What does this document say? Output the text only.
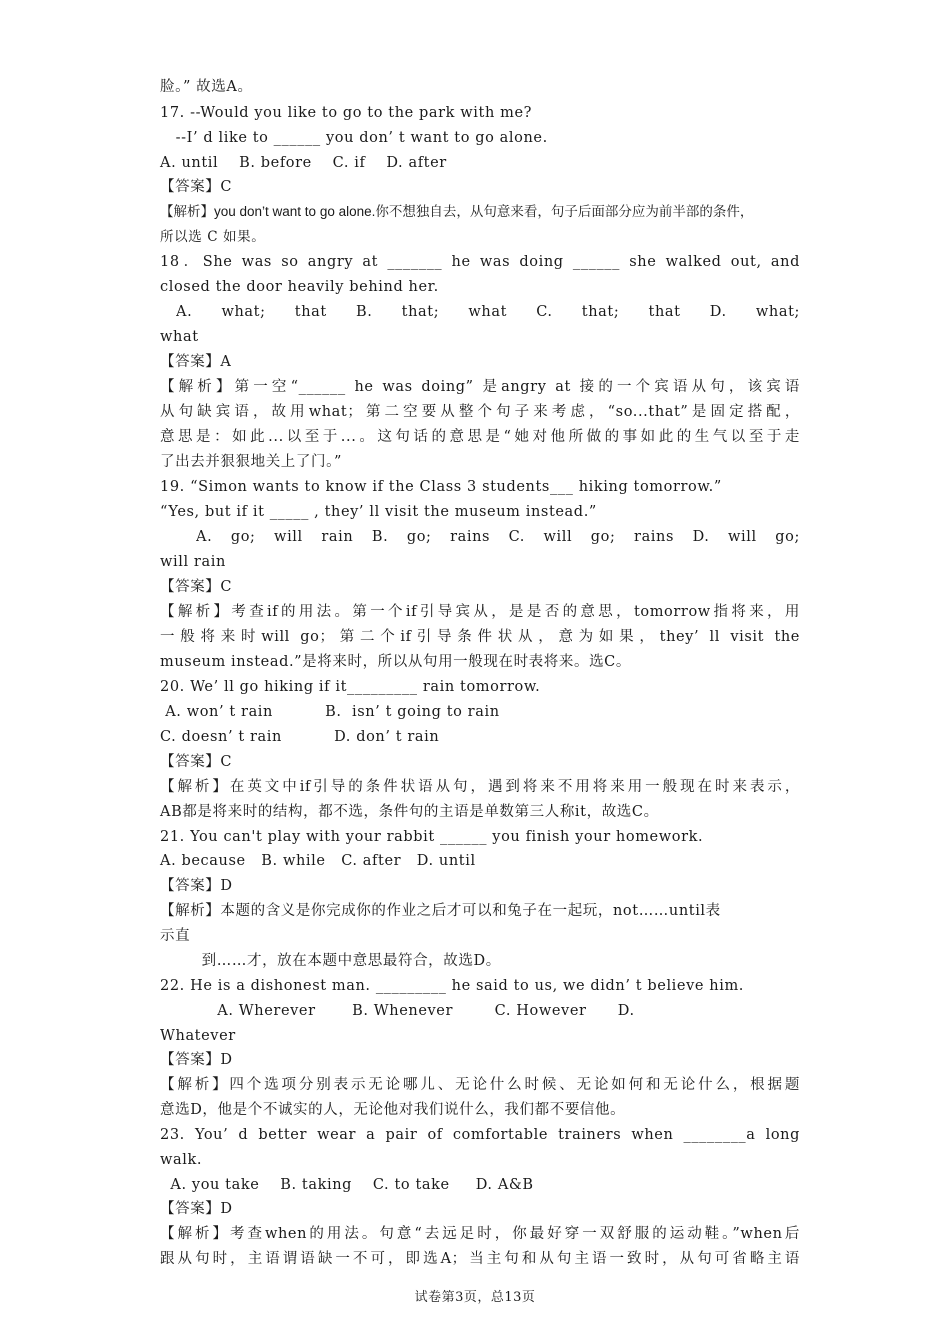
脸。” 故选A。
17. --Would you like to go to the park with me?
--I’ d like to ______ you don’ t want to go alone.
A. until    B. before    C. if    D. after
【答案】C
【解析】you don’t want to go alone.你不想独自去，从句意来看，句子后面部分应为前半部的条件，
所以选 C 如果。
18．She was so angry at _______ he was doing ______ she walked out, and
closed the door heavily behind her.
A. what; that B. that; what C. that; that D. what;
what
【答案】A
【解析】第一空“______ he was doing” 是angry at 接的一个宾语从句，该宾语
从句缺宾语，故用what；第二空要从整个句子来考虑，“so...that”是固定搭配，
意思是：如此...以至于...。这句话的意思是“她对他所做的事如此的生气以至于走
了出去并狠狠地关上了门。”
19. “Simon wants to know if the Class 3 students___ hiking tomorrow.”
“Yes, but if it _____ , they’ ll visit the museum instead.”
A. go; will rain B. go; rains C. will go; rains D. will go;
will rain
【答案】C
【解析】考查if的用法。第一个if引导宾从，是是否的意思，tomorrow指将来，用
一般将来时will go；第二个if引导条件状从，意为如果，they’ ll visit the
museum instead.”是将来时，所以从句用一般现在时表将来。选C。
20. We’ ll go hiking if it_________ rain tomorrow.
A. won’ t rain          B.  isn’ t going to rain
C. doesn’ t rain          D. don’ t rain
【答案】C
【解析】在英文中if引导的条件状语从句，遇到将来不用将来用一般现在时来表示，
AB都是将来时的结构，都不选，条件句的主语是单数第三人称it，故选C。
21. You can't play with your rabbit ______ you finish your homework.
A. because   B. while   C. after   D. until
【答案】D
【解析】本题的含义是你完成你的作业之后才可以和兔子在一起玩，not……until表
示直
到……才，放在本题中意思最符合，故选D。
22. He is a dishonest man. _________ he said to us, we didn’ t believe him.
A. Wherever       B. Whenever        C. However      D.
Whatever
【答案】D
【解析】四个选项分别表示无论哪儿、无论什么时候、无论如何和无论什么，根据题
意选D，他是个不诚实的人，无论他对我们说什么，我们都不要信他。
23. You’ d better wear a pair of comfortable trainers when ________a long
walk.
A. you take    B. taking    C. to take     D. A&B
【答案】D
【解析】考查when的用法。句意“去远足时，你最好穿一双舒服的运动鞋。”when后
跟从句时，主语谓语缺一不可，即选A；当主句和从句主语一致时，从句可省略主语
试卷第3页，总13页
